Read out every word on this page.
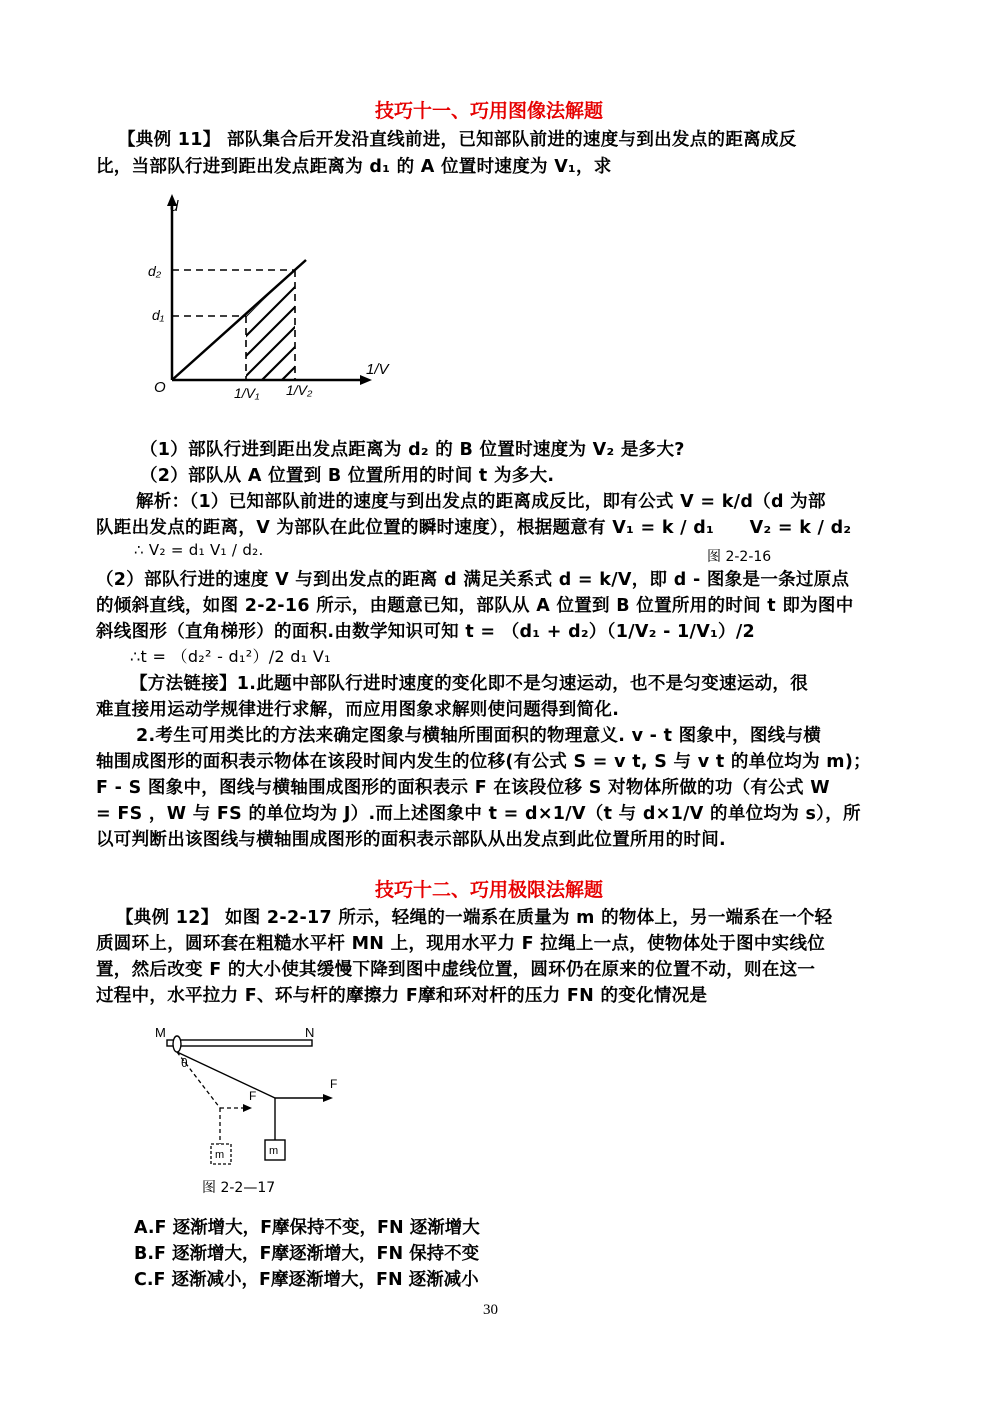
技巧十一、巧用图像法解题
【典例 11】 部队集合后开发沿直线前进，已知部队前进的速度与到出发点的距离成反
比，当部队行进到距出发点距离为 d₁ 的 A 位置时速度为 V₁，求
d
1/V
O
d₂
d₁
1/V₁ 1/V₂
（1）部队行进到距出发点距离为 d₂ 的 B 位置时速度为 V₂ 是多大?
（2）部队从 A 位置到 B 位置所用的时间 t 为多大.
解析：（1）已知部队前进的速度与到出发点的距离成反比，即有公式 V = k/d（d 为部
队距出发点的距离，V 为部队在此位置的瞬时速度），根据题意有 V₁ = k / d₁　　V₂ = k / d₂
∴ V₂ = d₁ V₁ / d₂.	图 2-2-16
（2）部队行进的速度 V 与到出发点的距离 d 满足关系式 d = k/V，即 d - 图象是一条过原点
的倾斜直线，如图 2-2-16 所示，由题意已知，部队从 A 位置到 B 位置所用的时间 t 即为图中
斜线图形（直角梯形）的面积.由数学知识可知 t = （d₁ + d₂）（1/V₂ - 1/V₁）/2
∴t = （d₂² - d₁²）/2 d₁ V₁
【方法链接】1.此题中部队行进时速度的变化即不是匀速运动，也不是匀变速运动，很
难直接用运动学规律进行求解，而应用图象求解则使问题得到简化.
2.考生可用类比的方法来确定图象与横轴所围面积的物理意义. v - t 图象中，图线与横
轴围成图形的面积表示物体在该段时间内发生的位移(有公式 S = v t, S 与 v t 的单位均为 m)；
F - S 图象中，图线与横轴围成图形的面积表示 F 在该段位移 S 对物体所做的功（有公式 W
= FS ，W 与 FS 的单位均为 J）.而上述图象中 t = d×1/V（t 与 d×1/V 的单位均为 s），所
以可判断出该图线与横轴围成图形的面积表示部队从出发点到此位置所用的时间.
技巧十二、巧用极限法解题
【典例 12】 如图 2-2-17 所示，轻绳的一端系在质量为 m 的物体上，另一端系在一个轻
质圆环上，圆环套在粗糙水平杆 MN 上，现用水平力 F 拉绳上一点，使物体处于图中实线位
置，然后改变 F 的大小使其缓慢下降到图中虚线位置，圆环仍在原来的位置不动，则在这一
过程中，水平拉力 F、环与杆的摩擦力 F摩和环对杆的压力 FN 的变化情况是
M	N
θ
F
m
F
m
图 2-2—17
A.F 逐渐增大，F摩保持不变，FN 逐渐增大
B.F 逐渐增大，F摩逐渐增大，FN 保持不变
C.F 逐渐减小，F摩逐渐增大，FN 逐渐减小
30
